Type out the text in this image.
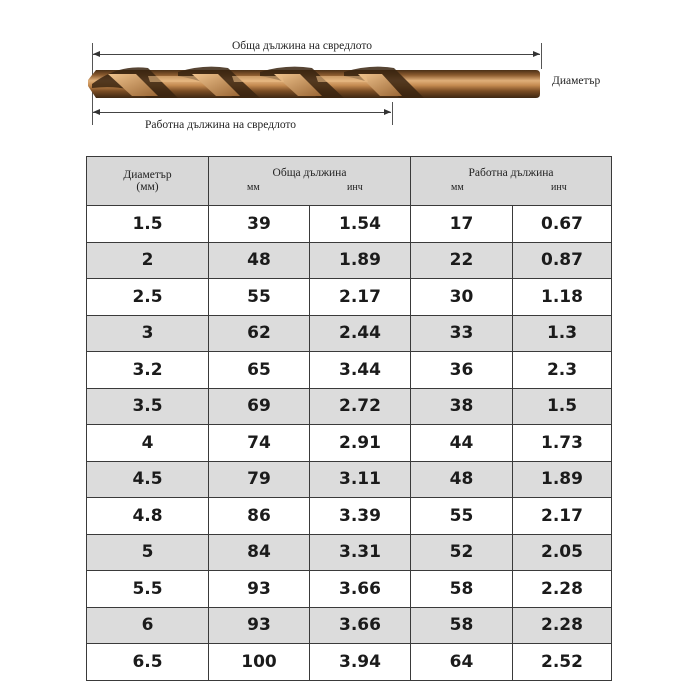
Обща дължина на свредлото
Диаметър
Работна дължина на свредлото
Диаметър
(мм)

Обща дължина
мм	инч

Работна дължина
мм	инч

1.5	39	1.54	17	0.67
2	48	1.89	22	0.87
2.5	55	2.17	30	1.18
3	62	2.44	33	1.3
3.2	65	3.44	36	2.3
3.5	69	2.72	38	1.5
4	74	2.91	44	1.73
4.5	79	3.11	48	1.89
4.8	86	3.39	55	2.17
5	84	3.31	52	2.05
5.5	93	3.66	58	2.28
6	93	3.66	58	2.28
6.5	100	3.94	64	2.52
